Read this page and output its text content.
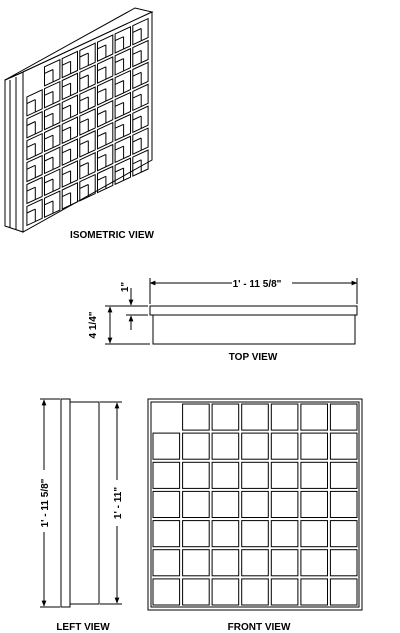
ISOMETRIC VIEW
1' - 11 5/8"
1"
4 1/4"
TOP VIEW
1' - 11 5/8"	1' - 11"
LEFT VIEW	FRONT VIEW
